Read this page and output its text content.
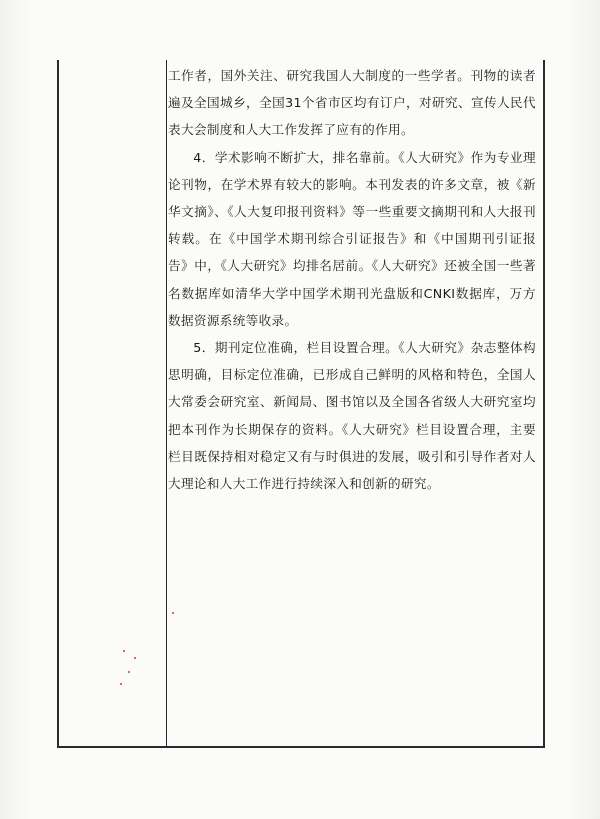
工作者，国外关注、研究我国人大制度的一些学者。刊物的读者遍及全国城乡，全国31个省市区均有订户，对研究、宣传人民代表大会制度和人大工作发挥了应有的作用。

4．学术影响不断扩大，排名靠前。《人大研究》作为专业理论刊物，在学术界有较大的影响。本刊发表的许多文章，被《新华文摘》、《人大复印报刊资料》等一些重要文摘期刊和人大报刊转载。在《中国学术期刊综合引证报告》和《中国期刊引证报告》中，《人大研究》均排名居前。《人大研究》还被全国一些著名数据库如清华大学中国学术期刊光盘版和CNKI数据库，万方数据资源系统等收录。

5．期刊定位准确，栏目设置合理。《人大研究》杂志整体构思明确，目标定位准确，已形成自己鲜明的风格和特色，全国人大常委会研究室、新闻局、图书馆以及全国各省级人大研究室均把本刊作为长期保存的资料。《人大研究》栏目设置合理，主要栏目既保持相对稳定又有与时俱进的发展，吸引和引导作者对人大理论和人大工作进行持续深入和创新的研究。
